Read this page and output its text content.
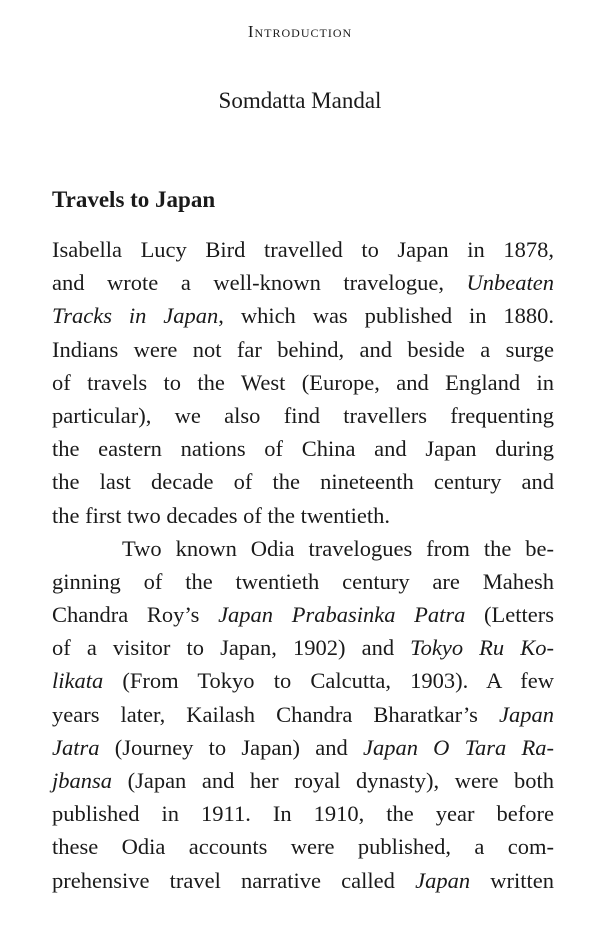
Introduction
Somdatta Mandal
Travels to Japan
Isabella Lucy Bird travelled to Japan in 1878,
and wrote a well-known travelogue, Unbeaten
Tracks in Japan, which was published in 1880.
Indians were not far behind, and beside a surge
of travels to the West (Europe, and England in
particular), we also find travellers frequenting
the eastern nations of China and Japan during
the last decade of the nineteenth century and
the first two decades of the twentieth.
Two known Odia travelogues from the be-
ginning of the twentieth century are Mahesh
Chandra Roy’s Japan Prabasinka Patra (Letters
of a visitor to Japan, 1902) and Tokyo Ru Ko-
likata (From Tokyo to Calcutta, 1903). A few
years later, Kailash Chandra Bharatkar’s Japan
Jatra (Journey to Japan) and Japan O Tara Ra-
jbansa (Japan and her royal dynasty), were both
published in 1911. In 1910, the year before
these Odia accounts were published, a com-
prehensive travel narrative called Japan written
